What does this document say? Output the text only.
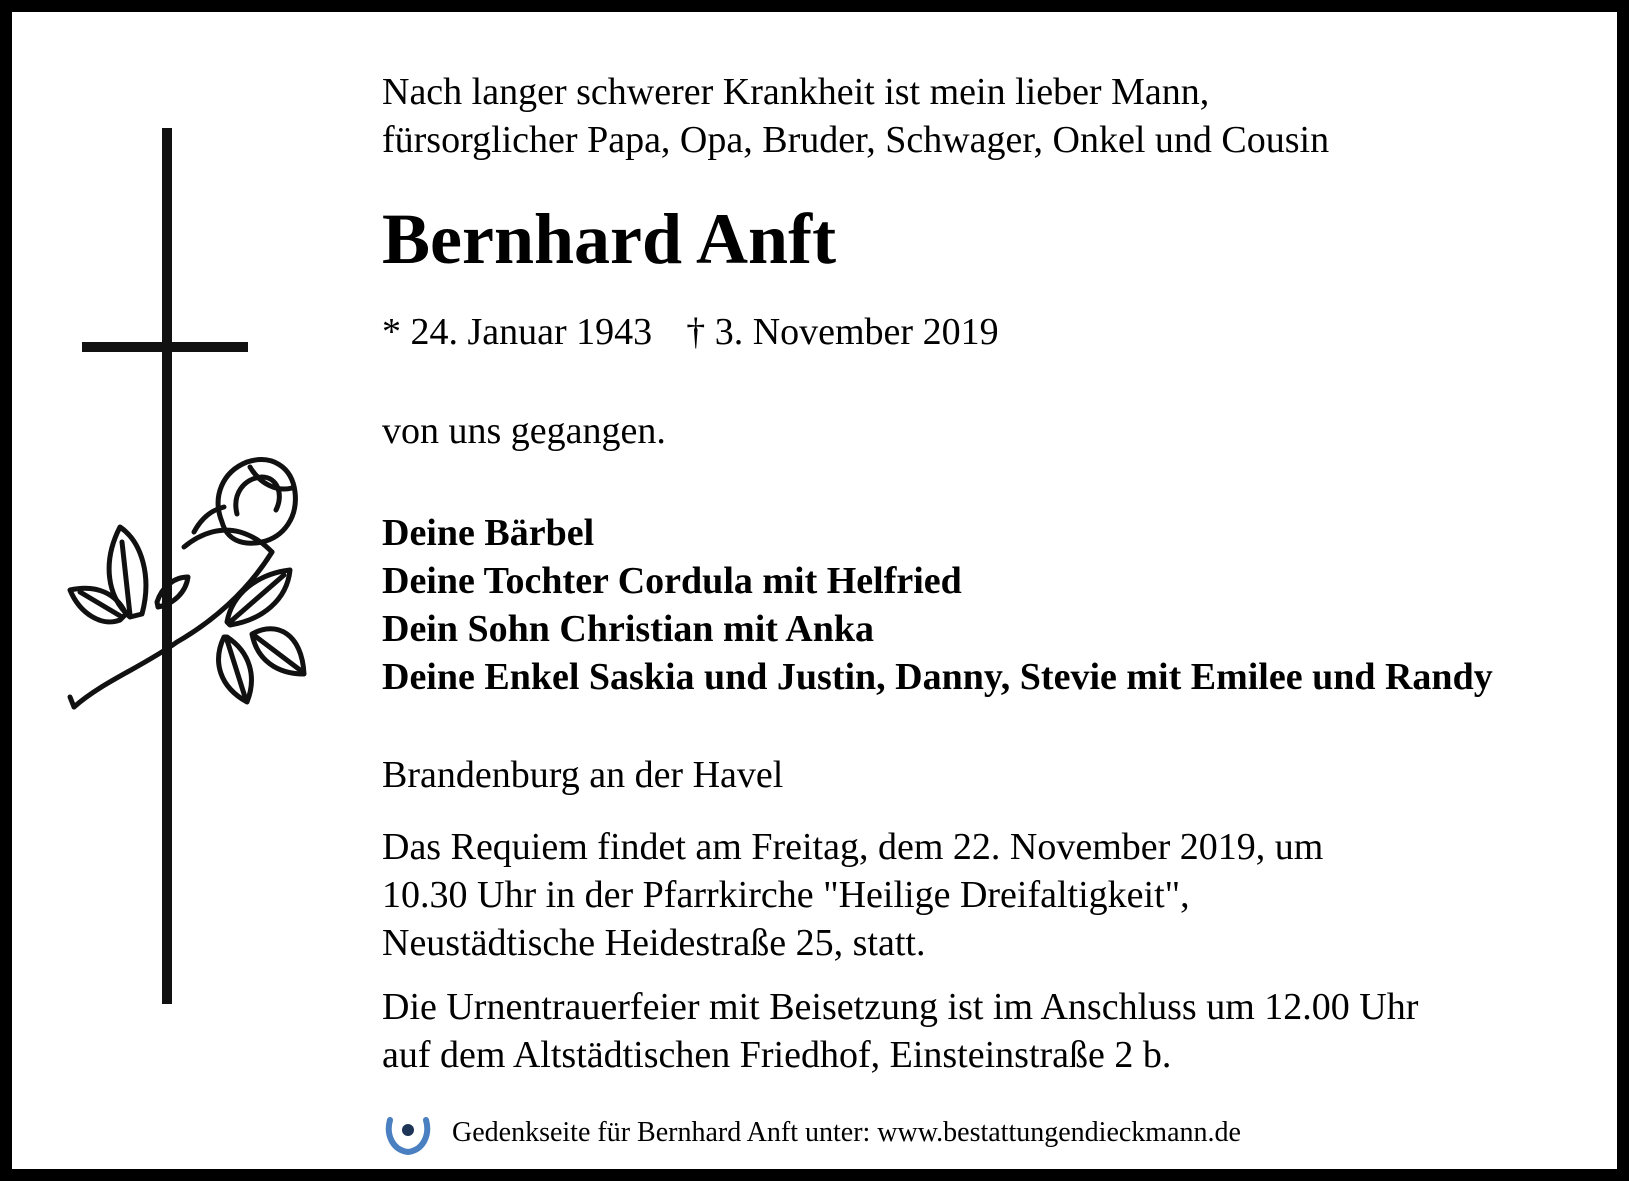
Nach langer schwerer Krankheit ist mein lieber Mann,
fürsorglicher Papa, Opa, Bruder, Schwager, Onkel und Cousin
Bernhard Anft
* 24. Januar 1943 † 3. November 2019
von uns gegangen.
Deine Bärbel
Deine Tochter Cordula mit Helfried
Dein Sohn Christian mit Anka
Deine Enkel Saskia und Justin, Danny, Stevie mit Emilee und Randy
Brandenburg an der Havel
Das Requiem findet am Freitag, dem 22. November 2019, um
10.30 Uhr in der Pfarrkirche "Heilige Dreifaltigkeit",
Neustädtische Heidestraße 25, statt.
Die Urnentrauerfeier mit Beisetzung ist im Anschluss um 12.00 Uhr
auf dem Altstädtischen Friedhof, Einsteinstraße 2 b.
Gedenkseite für Bernhard Anft unter: www.bestattungendieckmann.de
